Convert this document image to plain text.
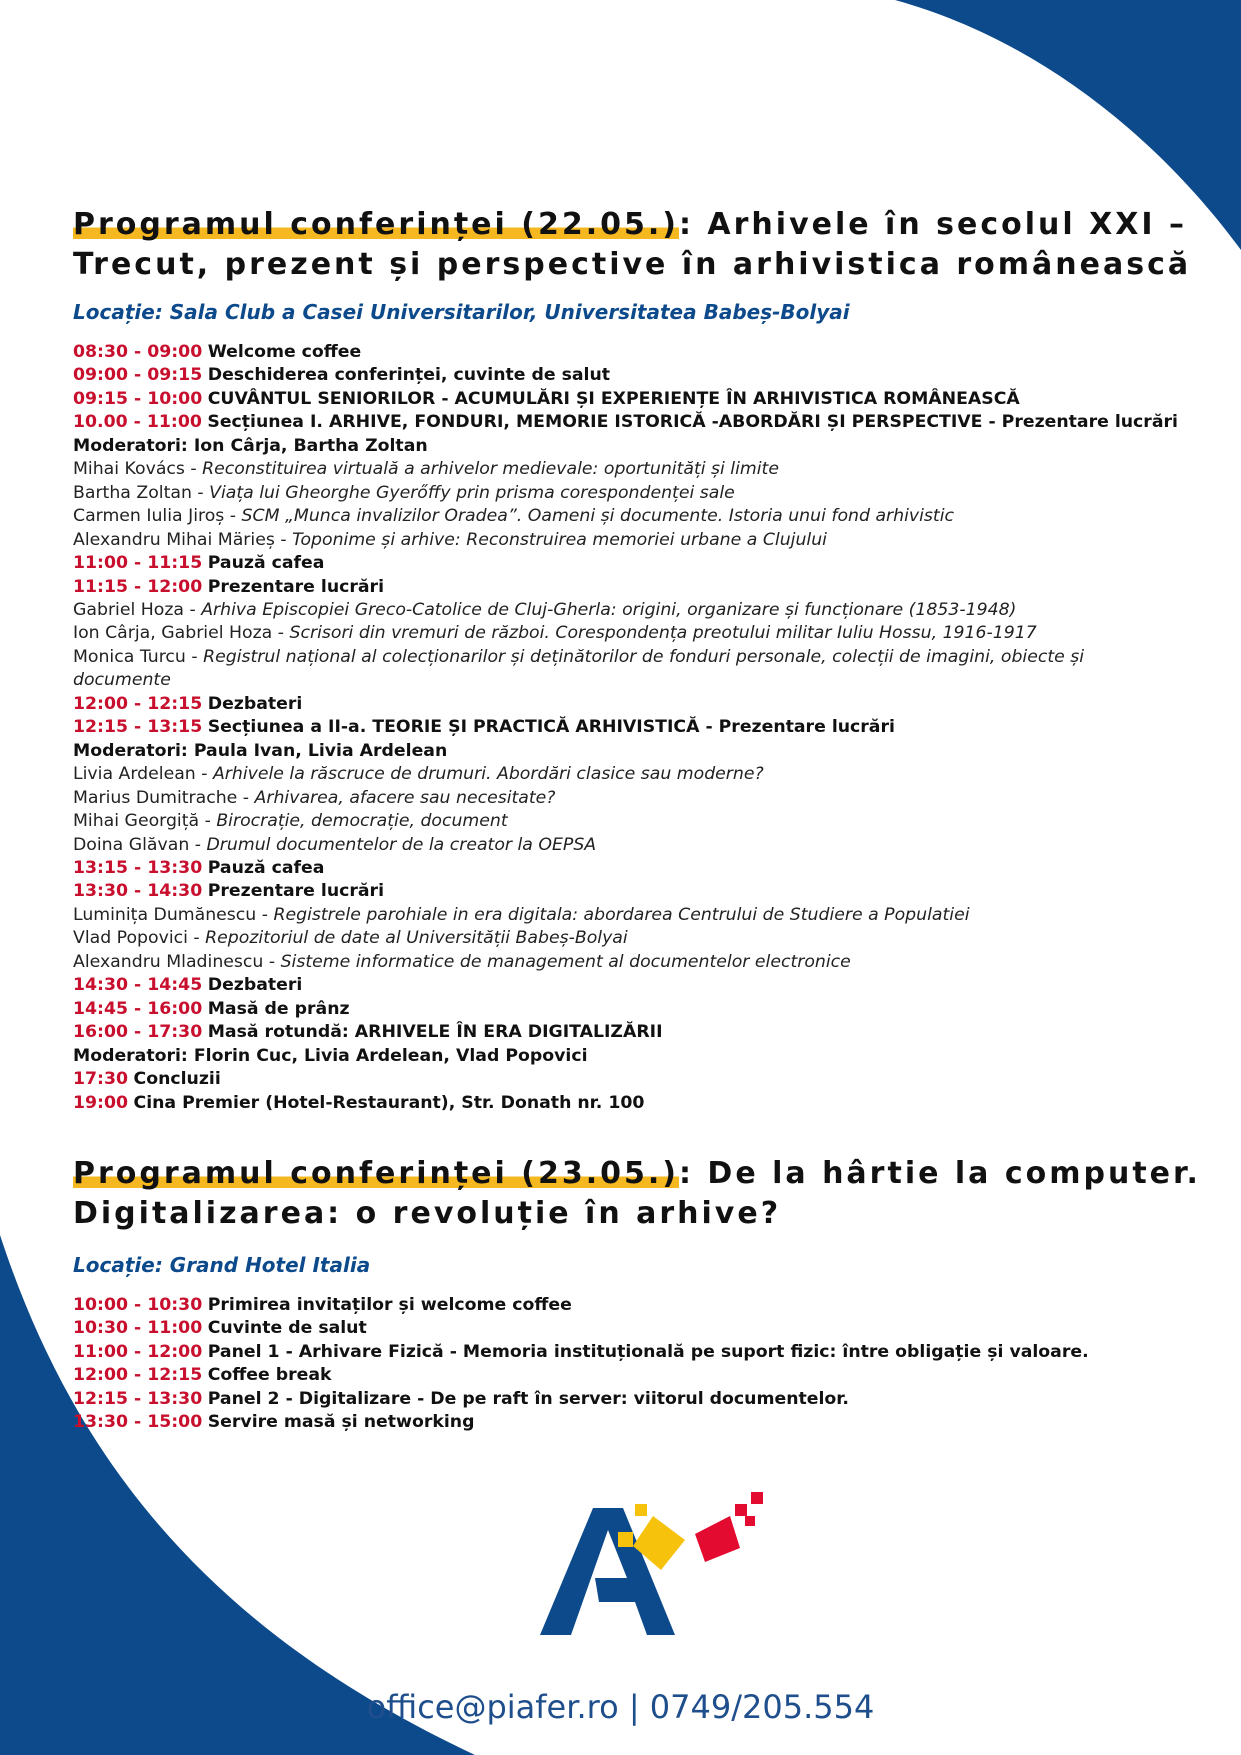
Programul conferinței (22.05.): Arhivele în secolul XXI –
Trecut, prezent și perspective în arhivistica românească

Locație: Sala Club a Casei Universitarilor, Universitatea Babeș-Bolyai

08:30 - 09:00 Welcome coffee
09:00 - 09:15 Deschiderea conferinței, cuvinte de salut
09:15 - 10:00 CUVÂNTUL SENIORILOR - ACUMULĂRI ȘI EXPERIENȚE ÎN ARHIVISTICA ROMÂNEASCĂ
10.00 - 11:00 Secțiunea I. ARHIVE, FONDURI, MEMORIE ISTORICĂ -ABORDĂRI ȘI PERSPECTIVE - Prezentare lucrări
Moderatori: Ion Cârja, Bartha Zoltan
Mihai Kovács - Reconstituirea virtuală a arhivelor medievale: oportunități și limite
Bartha Zoltan - Viața lui Gheorghe Gyerőffy prin prisma corespondenței sale
Carmen Iulia Jiroș - SCM „Munca invalizilor Oradea”. Oameni și documente. Istoria unui fond arhivistic
Alexandru Mihai Märieș - Toponime și arhive: Reconstruirea memoriei urbane a Clujului
11:00 - 11:15 Pauză cafea
11:15 - 12:00 Prezentare lucrări
Gabriel Hoza - Arhiva Episcopiei Greco-Catolice de Cluj-Gherla: origini, organizare și funcționare (1853-1948)
Ion Cârja, Gabriel Hoza - Scrisori din vremuri de război. Corespondența preotului militar Iuliu Hossu, 1916-1917
Monica Turcu - Registrul național al colecționarilor și deținătorilor de fonduri personale, colecții de imagini, obiecte și documente
12:00 - 12:15 Dezbateri
12:15 - 13:15 Secțiunea a II-a. TEORIE ȘI PRACTICĂ ARHIVISTICĂ - Prezentare lucrări
Moderatori: Paula Ivan, Livia Ardelean
Livia Ardelean - Arhivele la răscruce de drumuri. Abordări clasice sau moderne?
Marius Dumitrache - Arhivarea, afacere sau necesitate?
Mihai Georgiță - Birocrație, democrație, document
Doina Glăvan - Drumul documentelor de la creator la OEPSA
13:15 - 13:30 Pauză cafea
13:30 - 14:30 Prezentare lucrări
Luminița Dumănescu - Registrele parohiale in era digitala: abordarea Centrului de Studiere a Populatiei
Vlad Popovici - Repozitoriul de date al Universității Babeș-Bolyai
Alexandru Mladinescu - Sisteme informatice de management al documentelor electronice
14:30 - 14:45 Dezbateri
14:45 - 16:00 Masă de prânz
16:00 - 17:30 Masă rotundă: ARHIVELE ÎN ERA DIGITALIZĂRII
Moderatori: Florin Cuc, Livia Ardelean, Vlad Popovici
17:30 Concluzii
19:00 Cina Premier (Hotel-Restaurant), Str. Donath nr. 100
Programul conferinței (23.05.): De la hârtie la computer.
Digitalizarea: o revoluție în arhive?

Locație: Grand Hotel Italia

10:00 - 10:30 Primirea invitaților și welcome coffee
10:30 - 11:00 Cuvinte de salut
11:00 - 12:00 Panel 1 - Arhivare Fizică - Memoria instituțională pe suport fizic: între obligație și valoare.
12:00 - 12:15 Coffee break
12:15 - 13:30 Panel 2 - Digitalizare - De pe raft în server: viitorul documentelor.
13:30 - 15:00 Servire masă și networking
office@piafer.ro | 0749/205.554
